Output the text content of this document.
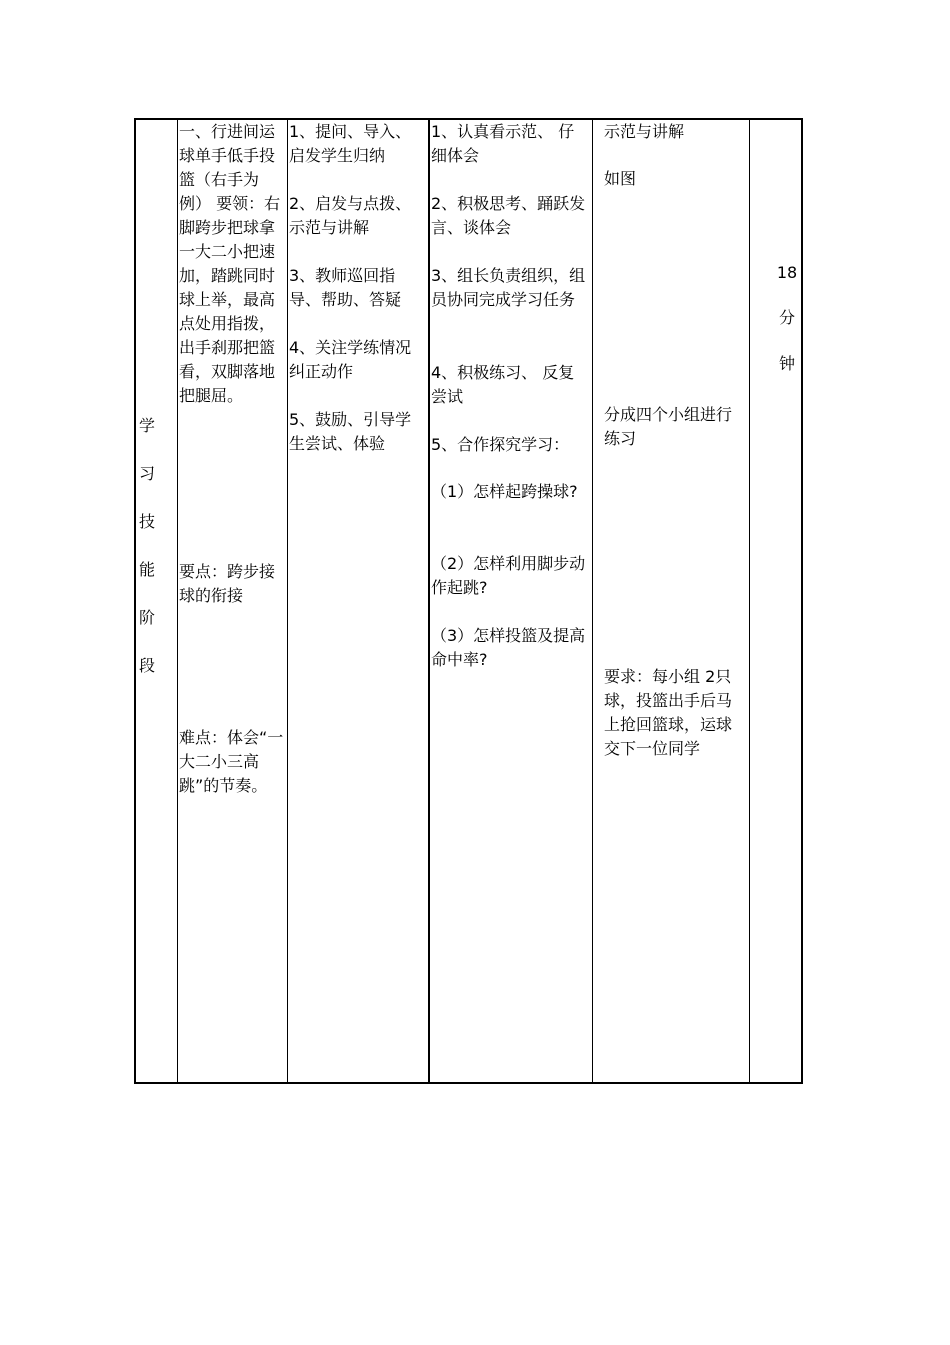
学
习
技
能
阶
段

一、行进间运球单手低手投篮（右手为例） 要领：右脚跨步把球拿一大二小把速加，踏跳同时球上举，最高点处用指拨，出手刹那把篮看，双脚落地把腿屈。

要点：跨步接球的衔接

难点：体会“一大二小三高跳”的节奏。

1、提问、导入、启发学生归纳

2、启发与点拨、示范与讲解

3、教师巡回指导、帮助、答疑

4、关注学练情况纠正动作

5、鼓励、引导学生尝试、体验

1、认真看示范、 仔细体会

2、积极思考、踊跃发言、谈体会

3、组长负责组织，组员协同完成学习任务

4、积极练习、 反复尝试

5、合作探究学习：

（1）怎样起跨操球?

（2）怎样利用脚步动作起跳?

（3）怎样投篮及提高命中率?

示范与讲解

如图

分成四个小组进行练习

要求：每小组 2只球，投篮出手后马上抢回篮球，运球交下一位同学

18
分
钟
